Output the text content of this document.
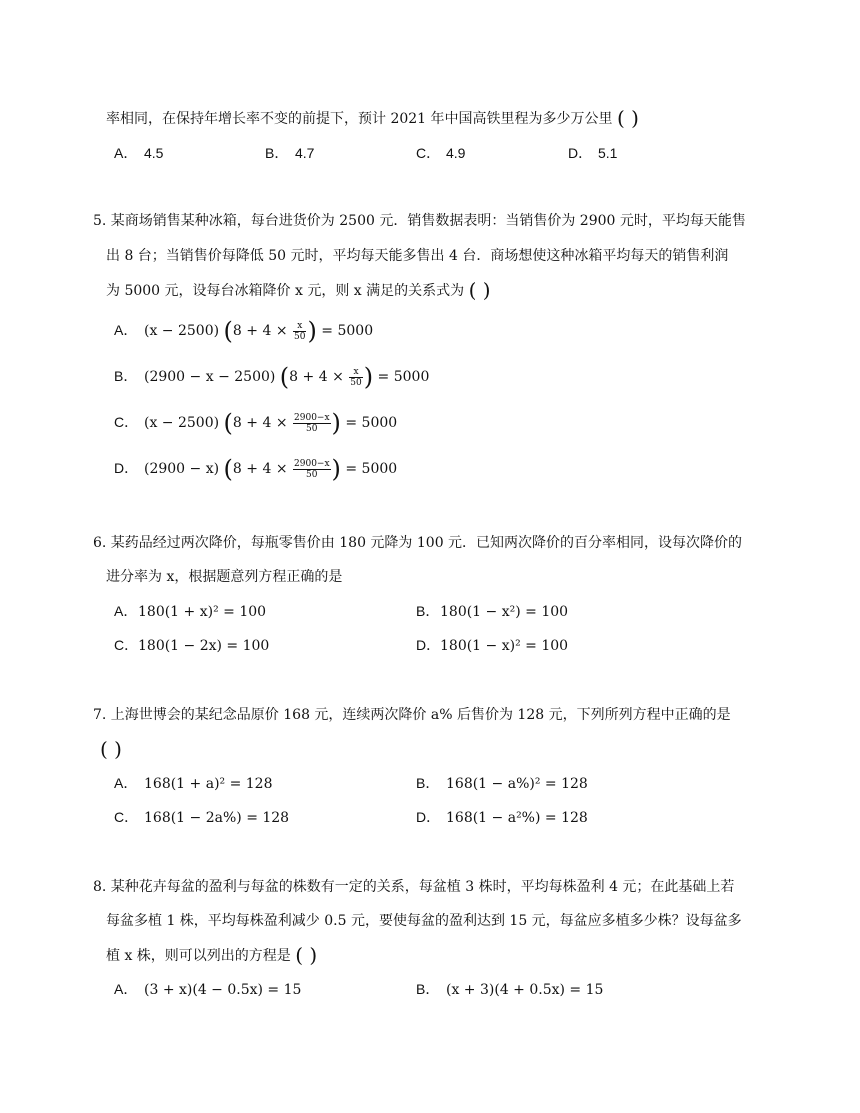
率相同，在保持年增长率不变的前提下，预计 2021 年中国高铁里程为多少万公里 ( )
A． 4.5	B． 4.7	C． 4.9	D． 5.1
5. 某商场销售某种冰箱，每台进货价为 2500 元．销售数据表明：当销售价为 2900 元时，平均每天能售
出 8 台；当销售价每降低 50 元时，平均每天能多售出 4 台．商场想使这种冰箱平均每天的销售利润
为 5000 元，设每台冰箱降价 x 元，则 x 满足的关系式为 ( )
A． (x − 2500) ($8 + 4 \times \frac{x}{50}$ ) = 5000
B． (2900 − x − 2500) ($8 + 4 \times \frac{x}{50}$ ) = 5000
C． (x − 2500) ($8 + 4 \times \frac{2900-x}{50}$ ) = 5000
D． (2900 − x) ($8 + 4 \times \frac{2900-x}{50}$ ) = 5000
6. 某药品经过两次降价，每瓶零售价由 180 元降为 100 元．已知两次降价的百分率相同，设每次降价的
进分率为 x，根据题意列方程正确的是
A．180(1 + x)² = 100	B．180(1 − x²) = 100
C．180(1 − 2x) = 100	D．180(1 − x)² = 100
7. 上海世博会的某纪念品原价 168 元，连续两次降价 a% 后售价为 128 元，下列所列方程中正确的是
( )
A． 168(1 + a)² = 128	B． 168(1 − a%)² = 128
C． 168(1 − 2a%) = 128	D． 168(1 − a²%) = 128
8. 某种花卉每盆的盈利与每盆的株数有一定的关系，每盆植 3 株时，平均每株盈利 4 元；在此基础上若
每盆多植 1 株，平均每株盈利减少 0.5 元，要使每盆的盈利达到 15 元，每盆应多植多少株？设每盆多
植 x 株，则可以列出的方程是 ( )
A． (3 + x)(4 − 0.5x) = 15	B． (x + 3)(4 + 0.5x) = 15
